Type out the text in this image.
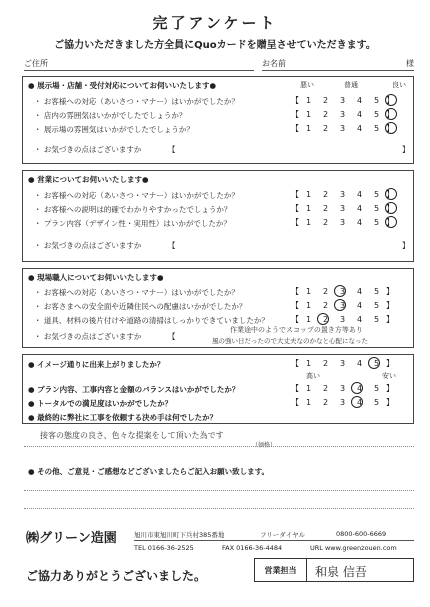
完了アンケート
ご協力いただきました方全員にQuoカードを贈呈させていただきます。
ご住所	お名前	様
● 展示場・店舗・受付対応についてお伺いいたします●	悪い	普通	良い
・ お客様への対応（あいさつ・マナー）はいかがでしたか？	【 1 2 3 4 5 】
・ 店内の雰囲気はいかがでしたでしょうか？	【 1 2 3 4 5 】
・ 展示場の雰囲気はいかがでしたでしょうか？	【 1 2 3 4 5 】
・ お気づきの点はございますか	【	】
● 営業についてお伺いいたします●
・ お客様への対応（あいさつ・マナー）はいかがでしたか？	【 1 2 3 4 5 】
・ お客様への説明は的確でわかりやすかったでしょうか？	【 1 2 3 4 5 】
・ プラン内容（デザイン性・実用性）はいかがでしたか？	【 1 2 3 4 5 】
・ お気づきの点はございますか	【	】
● 現場職人についてお伺いいたします●
・ お客様への対応（あいさつ・マナー）はいかがでしたか？	【 1 2 3 4 5 】
・ お客さまへの安全面や近隣住民への配慮はいかがでしたか？	【 1 2 3 4 5 】
・ 道具、材料の後片付けや道路の清掃はしっかりできていましたか？	【 1 2 3 4 5 】
・ お気づきの点はございますか	【
作業途中のようでスコップの置き方等あり
風の強い日だったので大丈夫なのかなと心配になった
● イメージ通りに出来上がりましたか？	【 1 2 3 4 5 】
高い	安い
● プラン内容、工事内容と金額のバランスはいかがでしたか？	【 1 2 3 4 5 】
● トータルでの満足度はいかがでしたか？	【 1 2 3 4 5 】
● 最終的に弊社に工事を依頼する決め手は何でしたか？
接客の態度の良さ、色々な提案をして頂いた為です
（価格）
● その他、ご意見・ご感想などございましたらご記入お願い致します。
㈱グリーン造園	旭川市東旭川町下兵村385番地	フリーダイヤル	0800-600-6669
TEL 0166-36-2525	FAX 0166-36-4484	URL www.greenzouen.com
ご協力ありがとうございました。	営業担当	和泉 信吾
